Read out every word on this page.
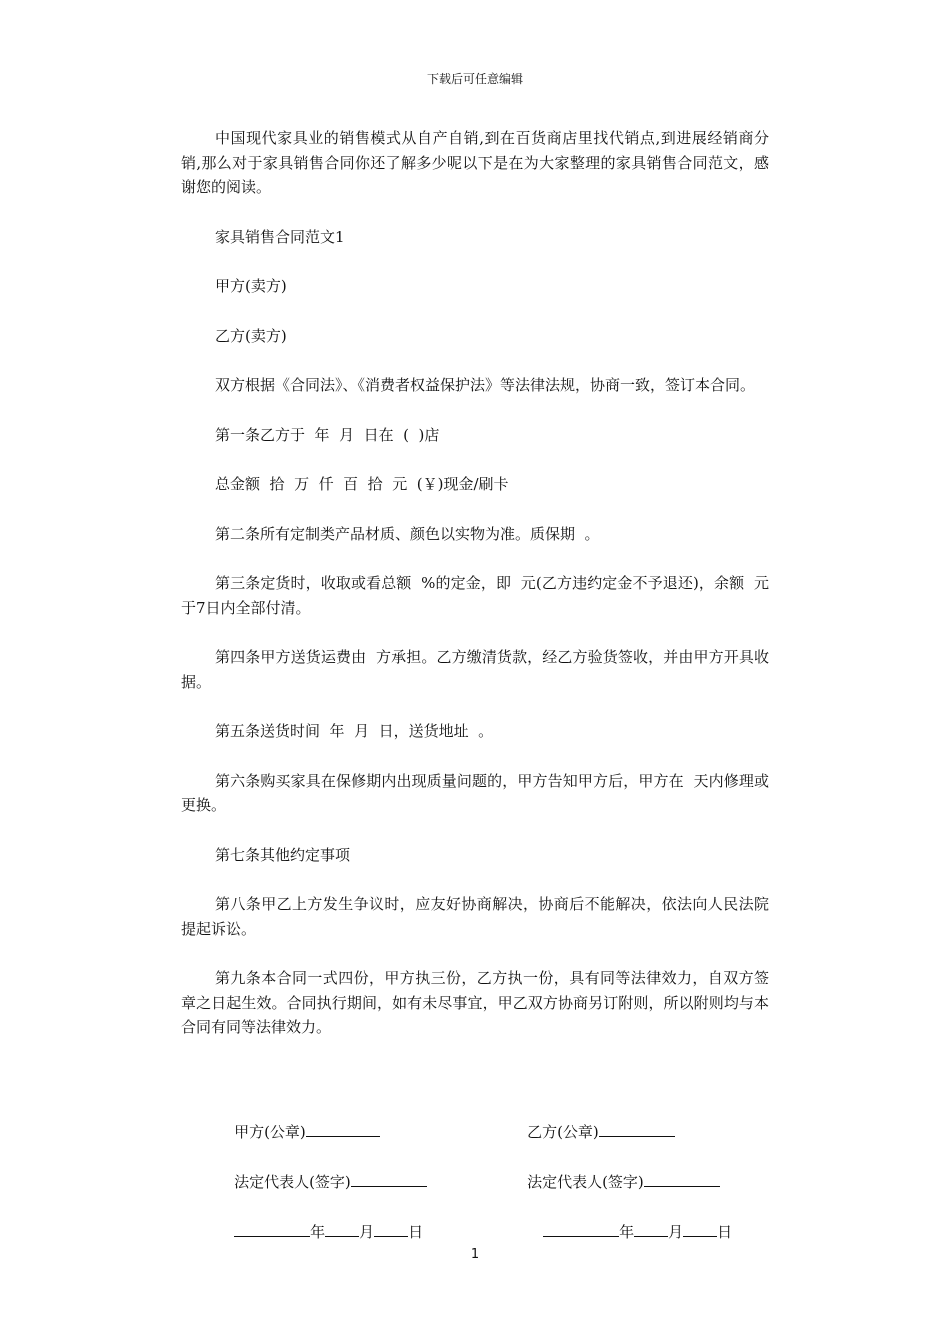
下载后可任意编辑

中国现代家具业的销售模式从自产自销,到在百货商店里找代销点,到进展经销商分销,那么对于家具销售合同你还了解多少呢以下是在为大家整理的家具销售合同范文，感谢您的阅读。

家具销售合同范文1

甲方(卖方)

乙方(卖方)

双方根据《合同法》、《消费者权益保护法》等法律法规，协商一致，签订本合同。

第一条乙方于  年  月  日在  (  )店

总金额  拾  万  仟  百  拾  元  (￥)现金/刷卡

第二条所有定制类产品材质、颜色以实物为准。质保期  。

第三条定货时，收取或看总额  %的定金，即  元(乙方违约定金不予退还)，余额  元于7日内全部付清。

第四条甲方送货运费由  方承担。乙方缴清货款，经乙方验货签收，并由甲方开具收据。

第五条送货时间  年  月  日，送货地址  。

第六条购买家具在保修期内出现质量问题的，甲方告知甲方后，甲方在  天内修理或更换。

第七条其他约定事项

第八条甲乙上方发生争议时，应友好协商解决，协商后不能解决，依法向人民法院提起诉讼。

第九条本合同一式四份，甲方执三份，乙方执一份，具有同等法律效力，自双方签章之日起生效。合同执行期间，如有未尽事宜，甲乙双方协商另订附则，所以附则均与本合同有同等法律效力。

甲方(公章)
	乙方(公章)

法定代表人(签字)
	法定代表人(签字)

年 月 日
	年 月 日

1
